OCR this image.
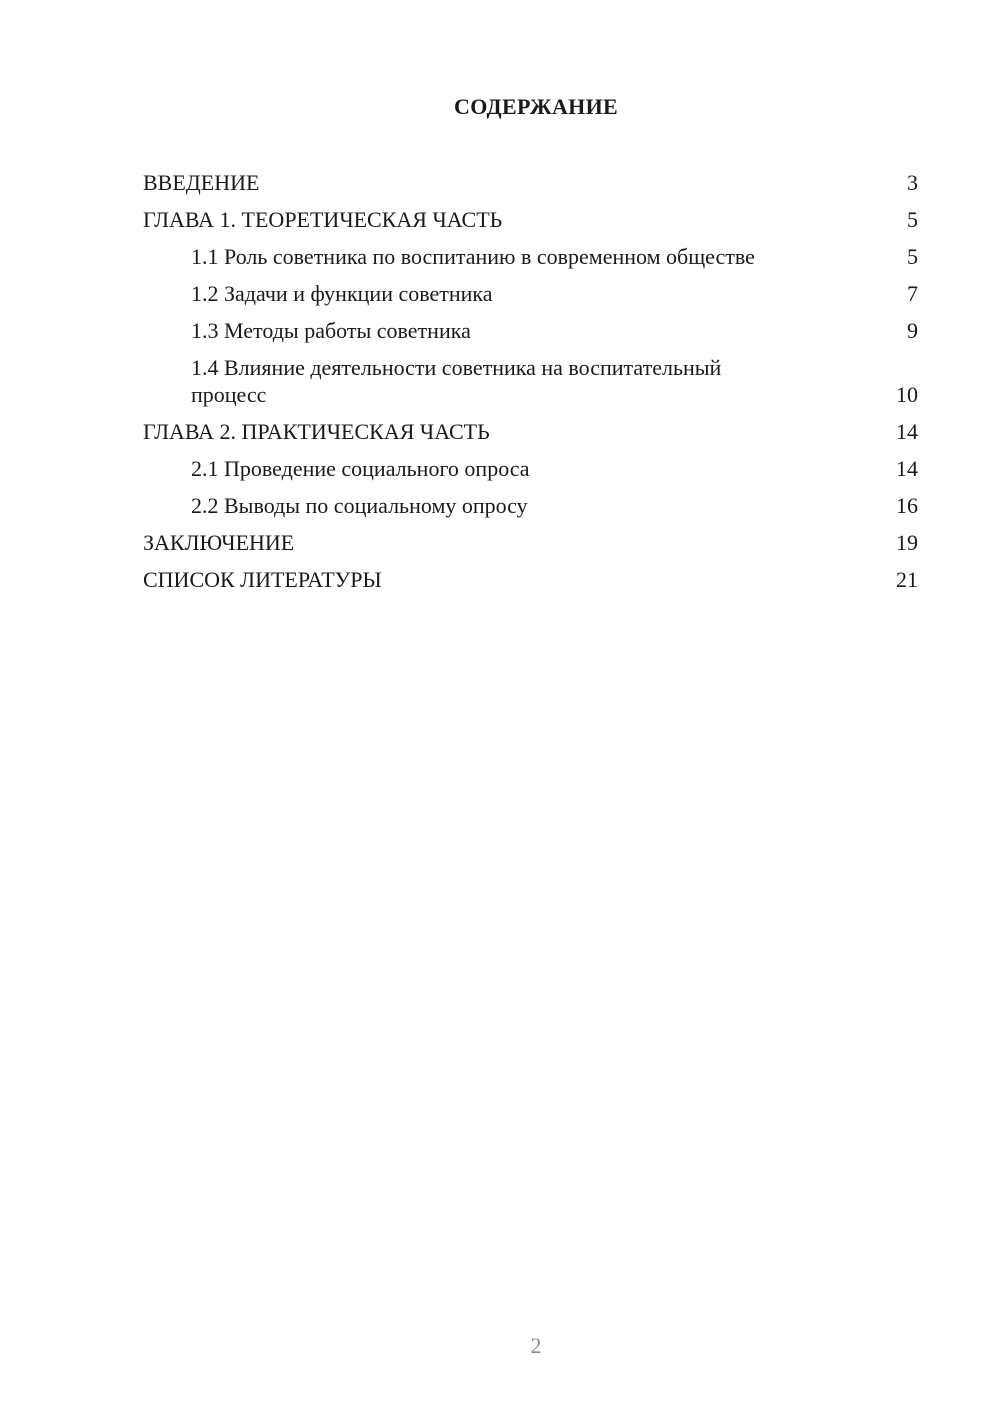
СОДЕРЖАНИЕ
ВВЕДЕНИЕ	3
ГЛАВА 1. ТЕОРЕТИЧЕСКАЯ ЧАСТЬ	5
1.1 Роль советника по воспитанию в современном обществе	5
1.2 Задачи и функции советника	7
1.3 Методы работы советника	9
1.4 Влияние деятельности советника на воспитательный процесс	10
ГЛАВА 2. ПРАКТИЧЕСКАЯ ЧАСТЬ	14
2.1 Проведение социального опроса	14
2.2 Выводы по социальному опросу	16
ЗАКЛЮЧЕНИЕ	19
СПИСОК ЛИТЕРАТУРЫ	21
2
